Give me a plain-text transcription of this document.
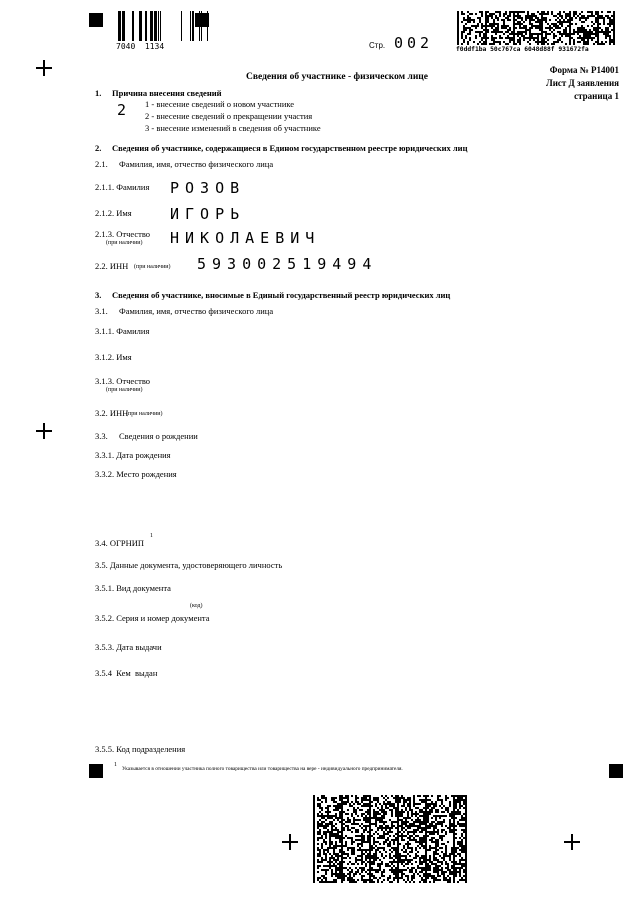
7040  1134	Стр. 002	f0ddf1ba 50c767ca 6048d88f 931672fa
Форма № Р14001
Лист Д заявления
страница 1
Сведения об участнике - физическом лице
1. Причина внесения сведений
2 1 - внесение сведений о новом участнике
2 - внесение сведений о прекращении участия
3 - внесение изменений в сведения об участнике
2. Сведения об участнике, содержащиеся в Едином государственном реестре юридических лиц
2.1. Фамилия, имя, отчество физического лица
2.1.1. Фамилия РОЗОВ
2.1.2. Имя	ИГОРЬ
2.1.3. Отчество
(при наличии) НИКОЛАЕВИЧ
2.2. ИНН (при наличии) 593002519494
3. Сведения об участнике, вносимые в Единый государственный реестр юридических лиц
3.1. Фамилия, имя, отчество физического лица
3.1.1. Фамилия
3.1.2. Имя
3.1.3. Отчество
(при наличии)
3.2. ИНН
(при наличии)
3.3. Сведения о рождении
3.3.1. Дата рождения
3.3.2. Место рождения
3.4. ОГРНИП
1
3.5. Данные документа, удостоверяющего личность
3.5.1. Вид документа
(код)
3.5.2. Серия и номер документа
3.5.3. Дата выдачи
3.5.4  Кем  выдан
3.5.5. Код подразделения
1
Указывается в отношении участника полного товарищества или товарищества на вере - индивидуального предпринимателя.
